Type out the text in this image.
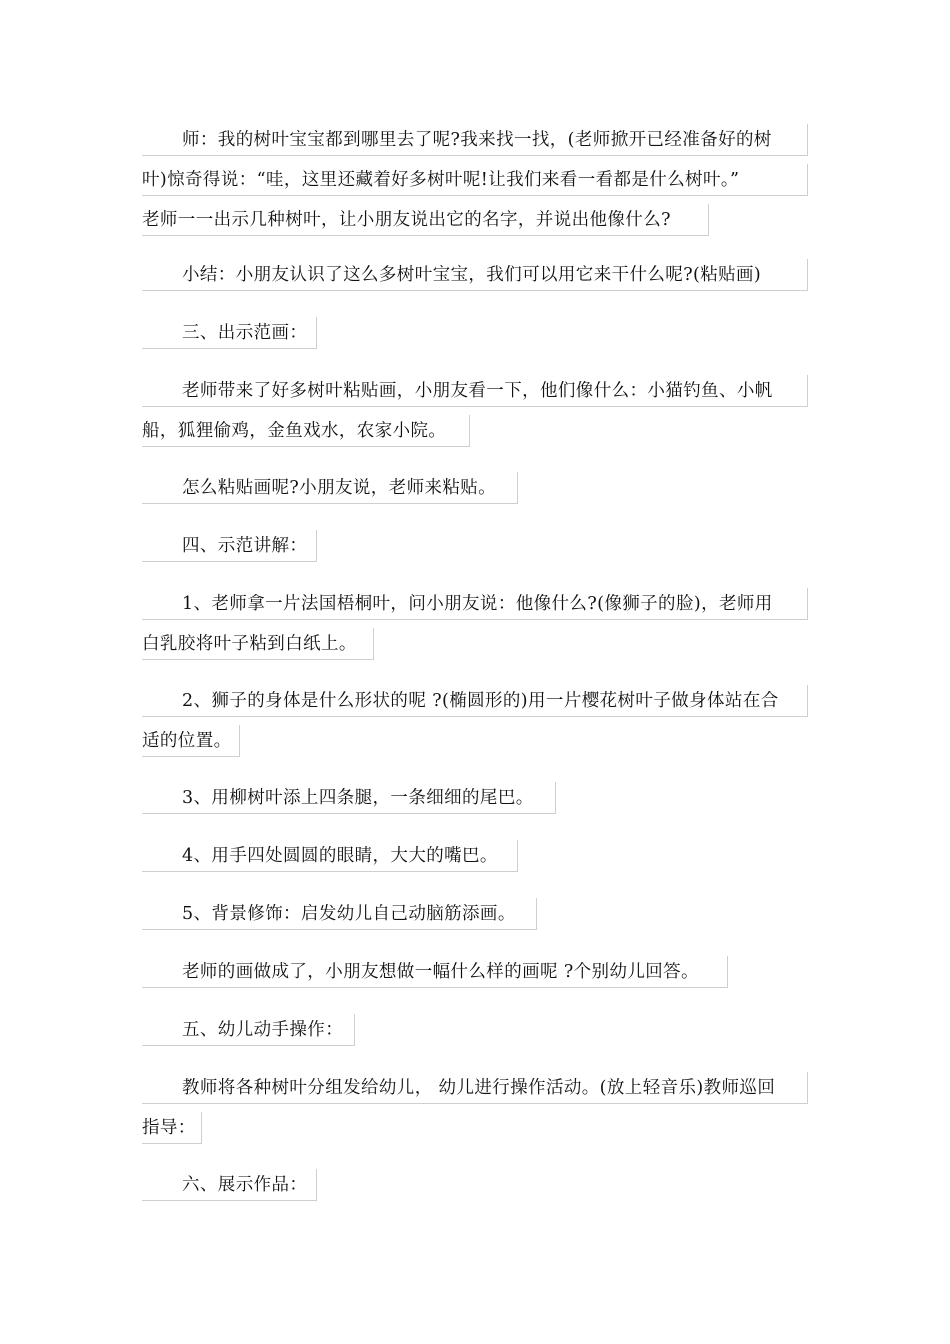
师：我的树叶宝宝都到哪里去了呢?我来找一找，(老师掀开已经准备好的树
叶)惊奇得说：“哇，这里还藏着好多树叶呢!让我们来看一看都是什么树叶。”
老师一一出示几种树叶，让小朋友说出它的名字，并说出他像什么?
小结：小朋友认识了这么多树叶宝宝，我们可以用它来干什么呢?(粘贴画)
三、出示范画：
老师带来了好多树叶粘贴画，小朋友看一下，他们像什么：小猫钓鱼、小帆
船，狐狸偷鸡，金鱼戏水，农家小院。
怎么粘贴画呢?小朋友说，老师来粘贴。
四、示范讲解：
1、老师拿一片法国梧桐叶，问小朋友说：他像什么?(像狮子的脸)，老师用
白乳胶将叶子粘到白纸上。
2、狮子的身体是什么形状的呢 ?(椭圆形的)用一片樱花树叶子做身体站在合
适的位置。
3、用柳树叶添上四条腿，一条细细的尾巴。
4、用手四处圆圆的眼睛，大大的嘴巴。
5、背景修饰：启发幼儿自己动脑筋添画。
老师的画做成了，小朋友想做一幅什么样的画呢 ?个别幼儿回答。
五、幼儿动手操作：
教师将各种树叶分组发给幼儿， 幼儿进行操作活动。(放上轻音乐)教师巡回
指导：
六、展示作品：
